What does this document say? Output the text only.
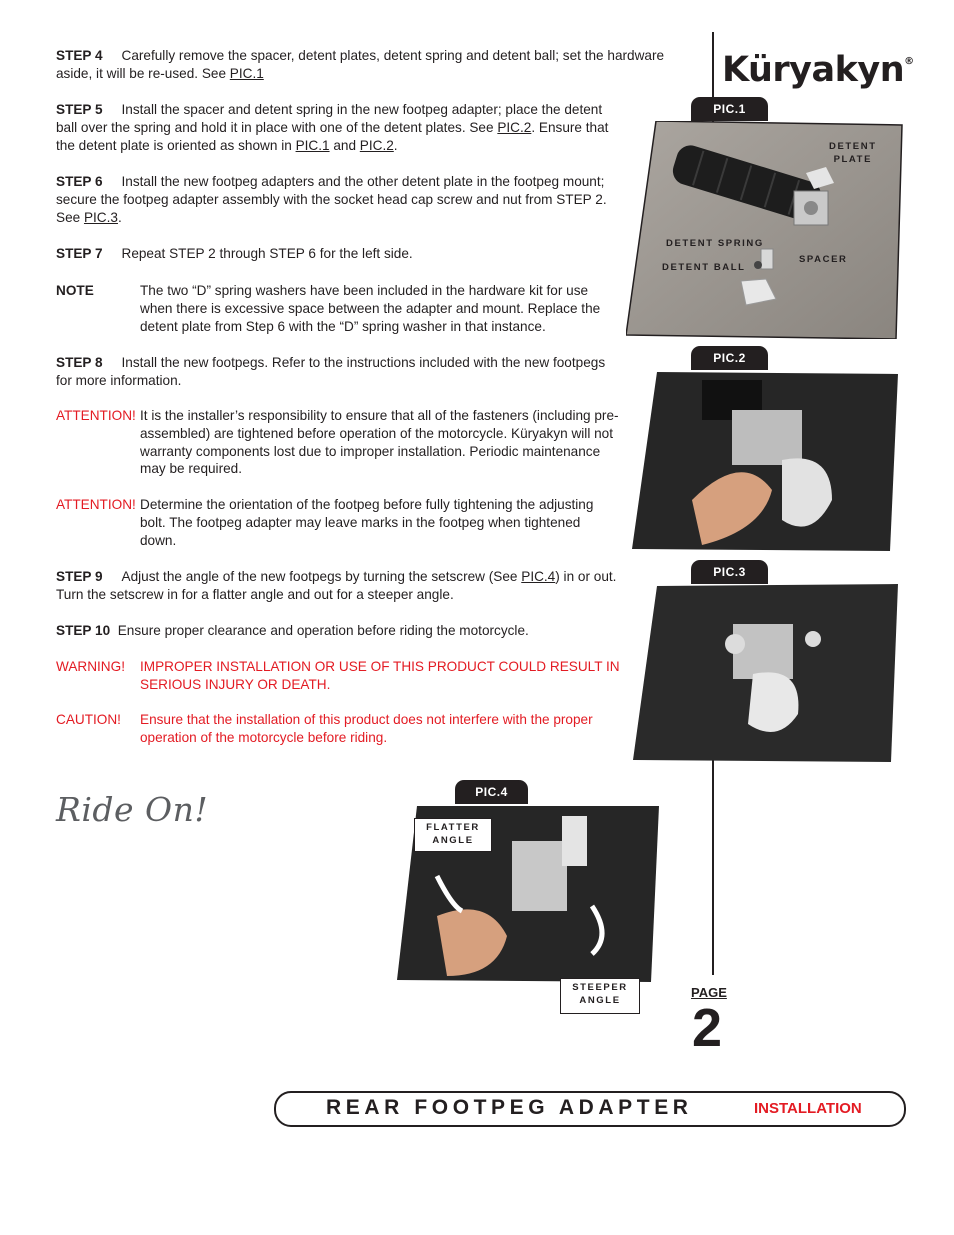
Küryakyn®
STEP 4 Carefully remove the spacer, detent plates, detent spring and detent ball; set the hardware
aside, it will be re-used. See PIC.1
STEP 5 Install the spacer and detent spring in the new footpeg adapter; place the detent
ball over the spring and hold it in place with one of the detent plates. See PIC.2. Ensure that
the detent plate is oriented as shown in PIC.1 and PIC.2.
STEP 6 Install the new footpeg adapters and the other detent plate in the footpeg mount;
secure the footpeg adapter assembly with the socket head cap screw and nut from STEP 2.
See PIC.3.
STEP 7 Repeat STEP 2 through STEP 6 for the left side.
NOTE	The two “D” spring washers have been included in the hardware kit for use
when there is excessive space between the adapter and mount. Replace the
detent plate from Step 6 with the “D” spring washer in that instance.
STEP 8 Install the new footpegs. Refer to the instructions included with the new footpegs
for more information.
ATTENTION! It is the installer’s responsibility to ensure that all of the fasteners (including pre-
assembled) are tightened before operation of the motorcycle. Küryakyn will not
warranty components lost due to improper installation. Periodic maintenance
may be required.
ATTENTION! Determine the orientation of the footpeg before fully tightening the adjusting
bolt. The footpeg adapter may leave marks in the footpeg when tightened
down.
STEP 9 Adjust the angle of the new footpegs by turning the setscrew (See PIC.4) in or out.
Turn the setscrew in for a flatter angle and out for a steeper angle.
STEP 10 Ensure proper clearance and operation before riding the motorcycle.
WARNING! IMPROPER INSTALLATION OR USE OF THIS PRODUCT COULD RESULT IN
SERIOUS INJURY OR DEATH.
CAUTION! Ensure that the installation of this product does not interfere with the proper
operation of the motorcycle before riding.
Ride On!
PIC.1
DETENT
PLATE
DETENT SPRING
DETENT BALL
SPACER
PIC.2
PIC.3
PIC.4
FLATTER
ANGLE
STEEPER
ANGLE
PAGE
2
REAR FOOTPEG ADAPTER	INSTALLATION
